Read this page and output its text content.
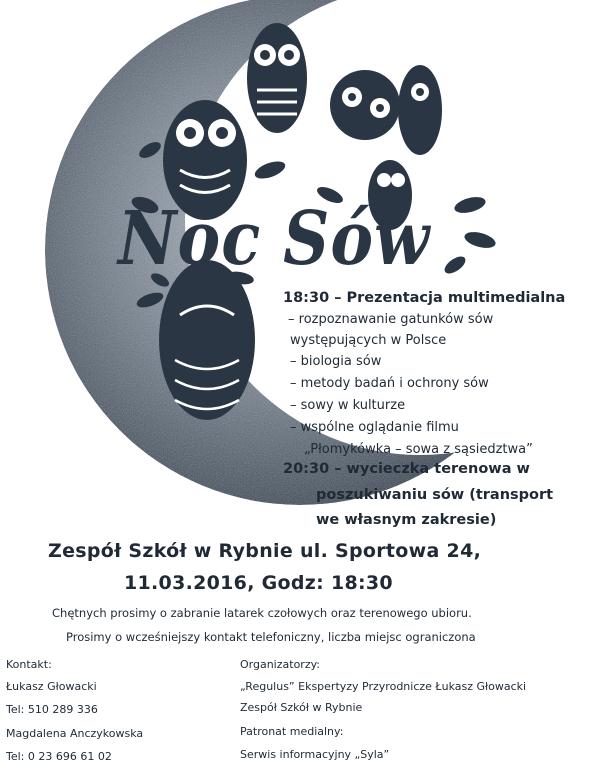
Noc Sów
18:30 – Prezentacja multimedialna
– rozpoznawanie gatunków sów
występujących w Polsce
– biologia sów
– metody badań i ochrony sów
– sowy w kulturze
– wspólne oglądanie filmu
„Płomykówka – sowa z sąsiedztwa”
20:30 – wycieczka terenowa w
poszukiwaniu sów (transport
we własnym zakresie)
Zespół Szkół w Rybnie ul. Sportowa 24,
11.03.2016, Godz: 18:30
Chętnych prosimy o zabranie latarek czołowych oraz terenowego ubioru.
Prosimy o wcześniejszy kontakt telefoniczny, liczba miejsc ograniczona
Kontakt:
Łukasz Głowacki
Tel: 510 289 336
Magdalena Anczykowska
Tel: 0 23 696 61 02
Organizatorzy:
„Regulus” Ekspertyzy Przyrodnicze Łukasz Głowacki
Zespół Szkół w Rybnie
Patronat medialny:
Serwis informacyjny „Syla”
